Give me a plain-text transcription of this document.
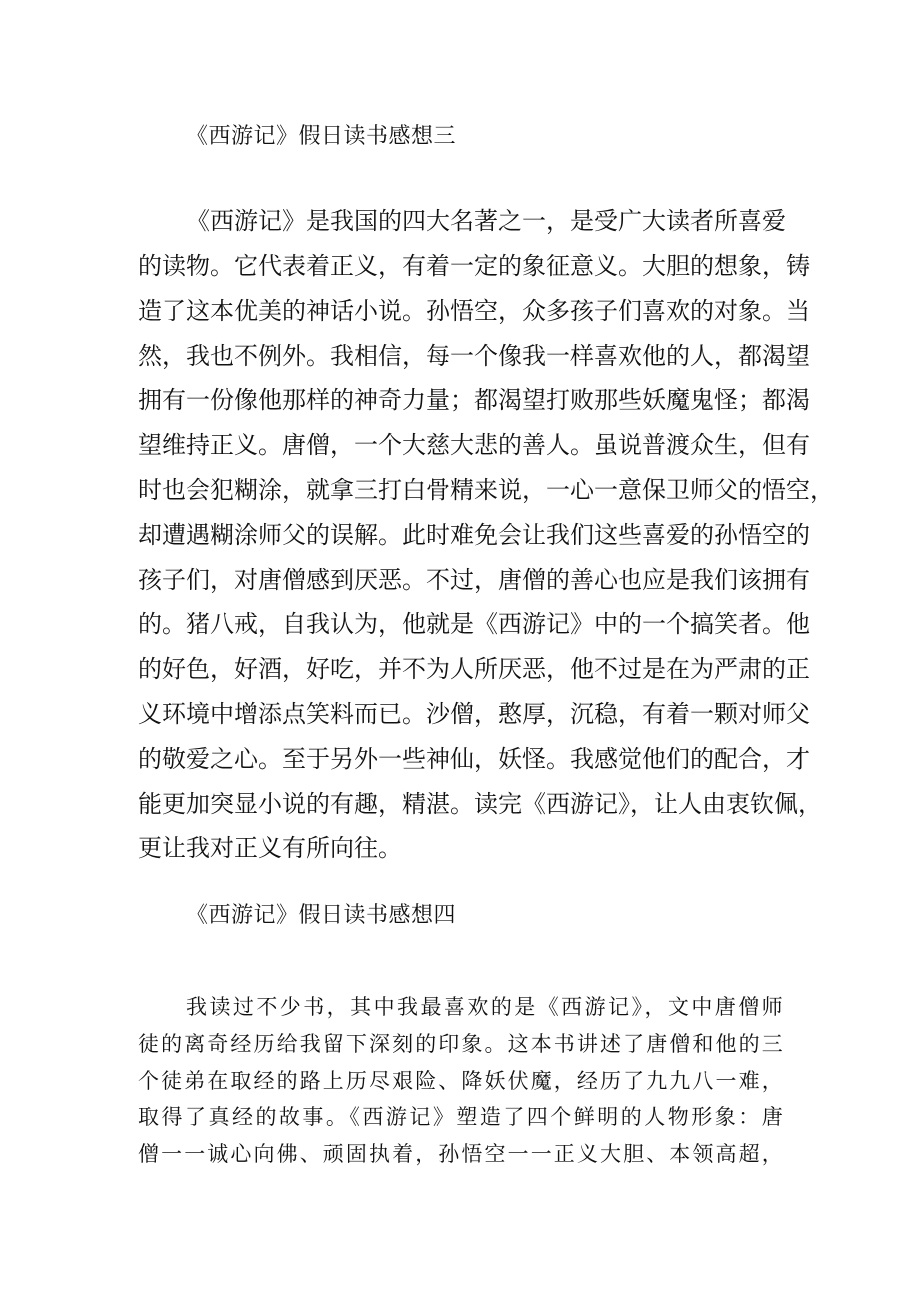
《西游记》假日读书感想三
《西游记》是我国的四大名著之一，是受广大读者所喜爱
的读物。它代表着正义，有着一定的象征意义。大胆的想象，铸
造了这本优美的神话小说。孙悟空，众多孩子们喜欢的对象。当
然，我也不例外。我相信，每一个像我一样喜欢他的人，都渴望
拥有一份像他那样的神奇力量；都渴望打败那些妖魔鬼怪；都渴
望维持正义。唐僧，一个大慈大悲的善人。虽说普渡众生，但有
时也会犯糊涂，就拿三打白骨精来说，一心一意保卫师父的悟空，
却遭遇糊涂师父的误解。此时难免会让我们这些喜爱的孙悟空的
孩子们，对唐僧感到厌恶。不过，唐僧的善心也应是我们该拥有
的。猪八戒，自我认为，他就是《西游记》中的一个搞笑者。他
的好色，好酒，好吃，并不为人所厌恶，他不过是在为严肃的正
义环境中增添点笑料而已。沙僧，憨厚，沉稳，有着一颗对师父
的敬爱之心。至于另外一些神仙，妖怪。我感觉他们的配合，才
能更加突显小说的有趣，精湛。读完《西游记》，让人由衷钦佩，
更让我对正义有所向往。
《西游记》假日读书感想四
我读过不少书，其中我最喜欢的是《西游记》，文中唐僧师
徒的离奇经历给我留下深刻的印象。这本书讲述了唐僧和他的三
个徒弟在取经的路上历尽艰险、降妖伏魔，经历了九九八一难，
取得了真经的故事。《西游记》塑造了四个鲜明的人物形象：唐
僧一一诚心向佛、顽固执着，孙悟空一一正义大胆、本领高超，
